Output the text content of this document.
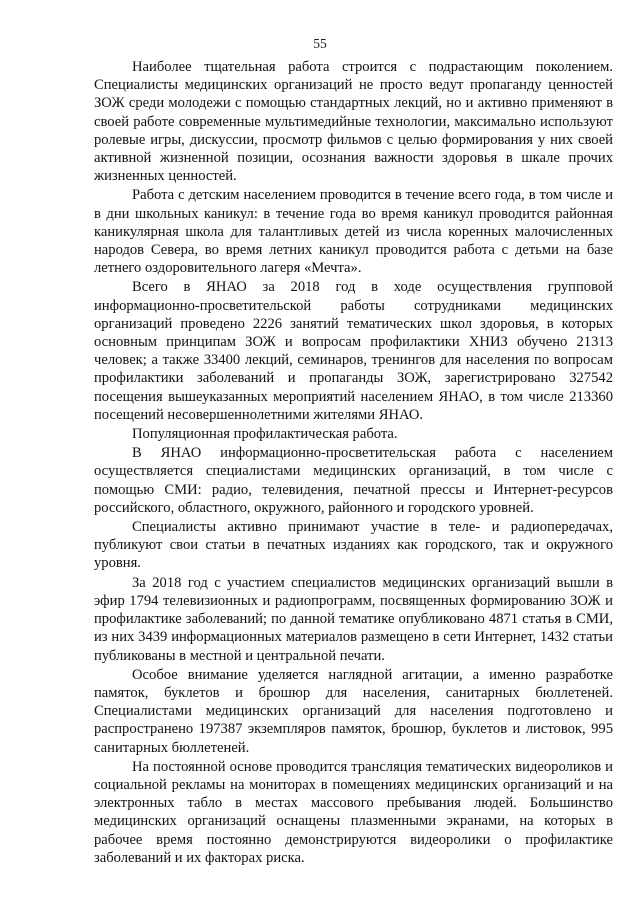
55

Наиболее тщательная работа строится с подрастающим поколением. Специалисты медицинских организаций не просто ведут пропаганду ценностей ЗОЖ среди молодежи с помощью стандартных лекций, но и активно применяют в своей работе современные мультимедийные технологии, максимально используют ролевые игры, дискуссии, просмотр фильмов с целью формирования у них своей активной жизненной позиции, осознания важности здоровья в шкале прочих жизненных ценностей.

Работа с детским населением проводится в течение всего года, в том числе и в дни школьных каникул: в течение года во время каникул проводится районная каникулярная школа для талантливых детей из числа коренных малочисленных народов Севера, во время летних каникул проводится работа с детьми на базе летнего оздоровительного лагеря «Мечта».

Всего в ЯНАО за 2018 год в ходе осуществления групповой информационно-просветительской работы сотрудниками медицинских организаций проведено 2226 занятий тематических школ здоровья, в которых основным принципам ЗОЖ и вопросам профилактики ХНИЗ обучено 21313 человек; а также 33400 лекций, семинаров, тренингов для населения по вопросам профилактики заболеваний и пропаганды ЗОЖ, зарегистрировано 327542 посещения вышеуказанных мероприятий населением ЯНАО, в том числе 213360 посещений несовершеннолетними жителями ЯНАО.

Популяционная профилактическая работа.

В ЯНАО информационно-просветительская работа с населением осуществляется специалистами медицинских организаций, в том числе с помощью СМИ: радио, телевидения, печатной прессы и Интернет-ресурсов российского, областного, окружного, районного и городского уровней.

Специалисты активно принимают участие в теле- и радиопередачах, публикуют свои статьи в печатных изданиях как городского, так и окружного уровня.

За 2018 год с участием специалистов медицинских организаций вышли в эфир 1794 телевизионных и радиопрограмм, посвященных формированию ЗОЖ и профилактике заболеваний; по данной тематике опубликовано 4871 статья в СМИ, из них 3439 информационных материалов размещено в сети Интернет, 1432 статьи публикованы в местной и центральной печати.

Особое внимание уделяется наглядной агитации, а именно разработке памяток, буклетов и брошюр для населения, санитарных бюллетеней. Специалистами медицинских организаций для населения подготовлено и распространено 197387 экземпляров памяток, брошюр, буклетов и листовок, 995 санитарных бюллетеней.

На постоянной основе проводится трансляция тематических видеороликов и социальной рекламы на мониторах в помещениях медицинских организаций и на электронных табло в местах массового пребывания людей. Большинство медицинских организаций оснащены плазменными экранами, на которых в рабочее время постоянно демонстрируются видеоролики о профилактике заболеваний и их факторах риска.
